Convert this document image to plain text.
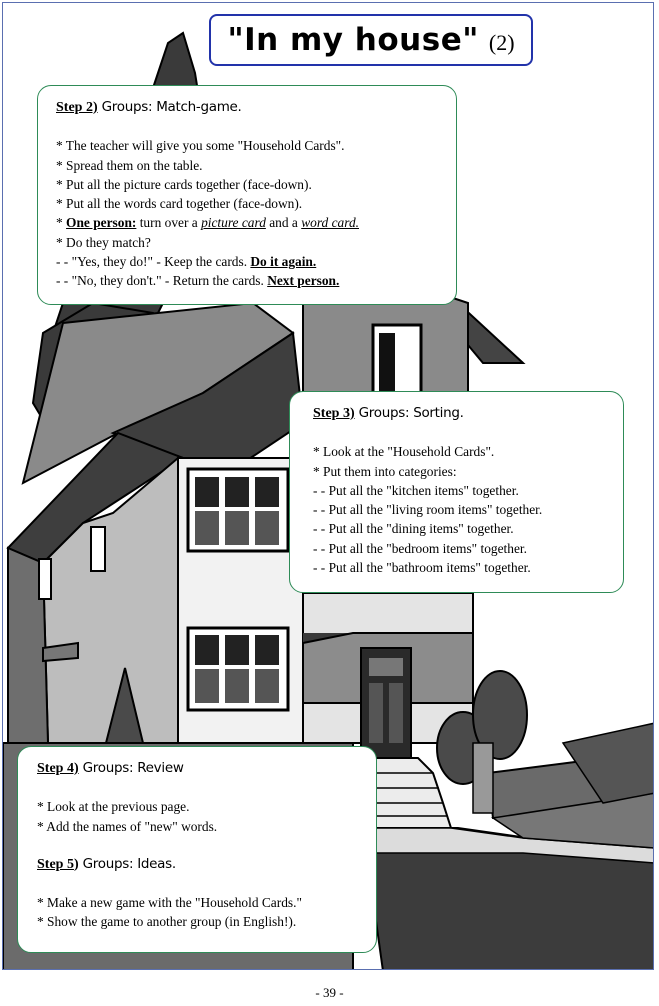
"In my house" (2)
Step 2) Groups: Match-game.
* The teacher will give you some "Household Cards".
* Spread them on the table.
* Put all the picture cards together (face-down).
* Put all the words card together (face-down).
* One person: turn over a picture card and a word card.
* Do they match?
- - "Yes, they do!" - Keep the cards. Do it again.
- - "No, they don't." - Return the cards. Next person.
Step 3) Groups: Sorting.
* Look at the "Household Cards".
* Put them into categories:
- - Put all the "kitchen items" together.
- - Put all the "living room items" together.
- - Put all the "dining items" together.
- - Put all the "bedroom items" together.
- - Put all the "bathroom items" together.
Step 4) Groups: Review
* Look at the previous page.
* Add the names of "new" words.
Step 5) Groups: Ideas.
* Make a new game with the "Household Cards."
* Show the game to another group (in English!).
- 39 -
